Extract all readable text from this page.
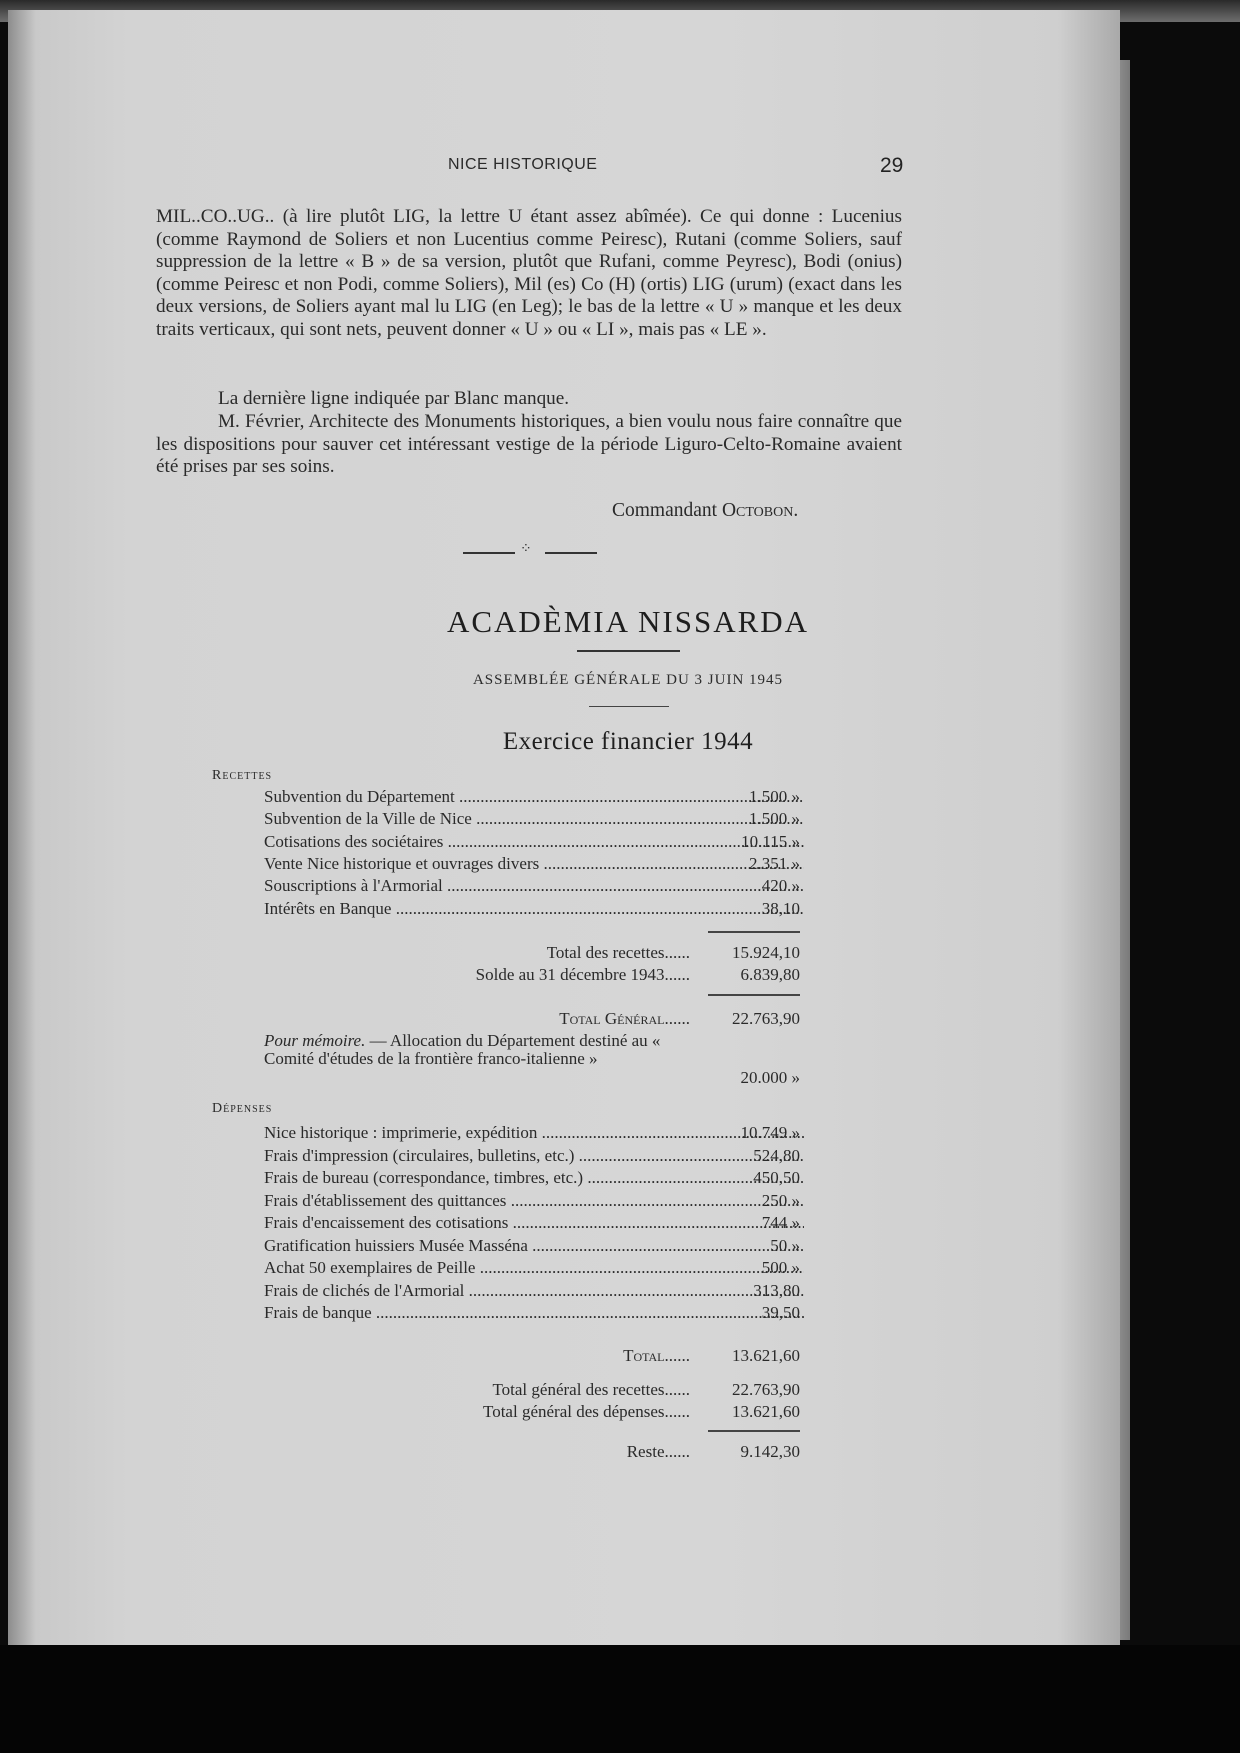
NICE HISTORIQUE	29
MIL..CO..UG.. (à lire plutôt LIG, la lettre U étant assez abîmée). Ce qui donne : Lucenius (comme Raymond de Soliers et non Lucentius comme Peiresc), Rutani (comme Soliers, sauf suppression de la lettre « B » de sa version, plutôt que Rufani, comme Peyresc), Bodi (onius) (comme Peiresc et non Podi, comme Soliers), Mil (es) Co (H) (ortis) LIG (urum) (exact dans les deux versions, de Soliers ayant mal lu LIG (en Leg); le bas de la lettre « U » manque et les deux traits verticaux, qui sont nets, peuvent donner « U » ou « LI », mais pas « LE ».
La dernière ligne indiquée par Blanc manque.
M. Février, Architecte des Monuments historiques, a bien voulu nous faire connaître que les dispositions pour sauver cet intéressant vestige de la période Liguro-Celto-Romaine avaient été prises par ses soins.
Commandant Octobon.
⁘
ACADÈMIA NISSARDA
ASSEMBLÉE GÉNÉRALE DU 3 JUIN 1945
Exercice financier 1944
Recettes
Subvention du Département .....	1.500 »
Subvention de la Ville de Nice .....	1.500 »
Cotisations des sociétaires .....	10.115 »
Vente Nice historique et ouvrages divers .....	2.351 »
Souscriptions à l'Armorial .....	420 »
Intérêts en Banque .....	38,10
Total des recettes......	15.924,10
Solde au 31 décembre 1943......	6.839,80
Total Général......	22.763,90
Pour mémoire. — Allocation du Département destiné au « Comité d'études de la frontière franco-italienne »
20.000 »
Dépenses
Nice historique : imprimerie, expédition .....	10.749 »
Frais d'impression (circulaires, bulletins, etc.) .....	524,80
Frais de bureau (correspondance, timbres, etc.) .....	450,50
Frais d'établissement des quittances .....	250 »
Frais d'encaissement des cotisations .....	744 »
Gratification huissiers Musée Masséna .....	50 »
Achat 50 exemplaires de Peille .....	500 »
Frais de clichés de l'Armorial .....	313,80
Frais de banque .....	39,50
Total......	13.621,60
Total général des recettes......	22.763,90
Total général des dépenses......	13.621,60
Reste......	9.142,30
